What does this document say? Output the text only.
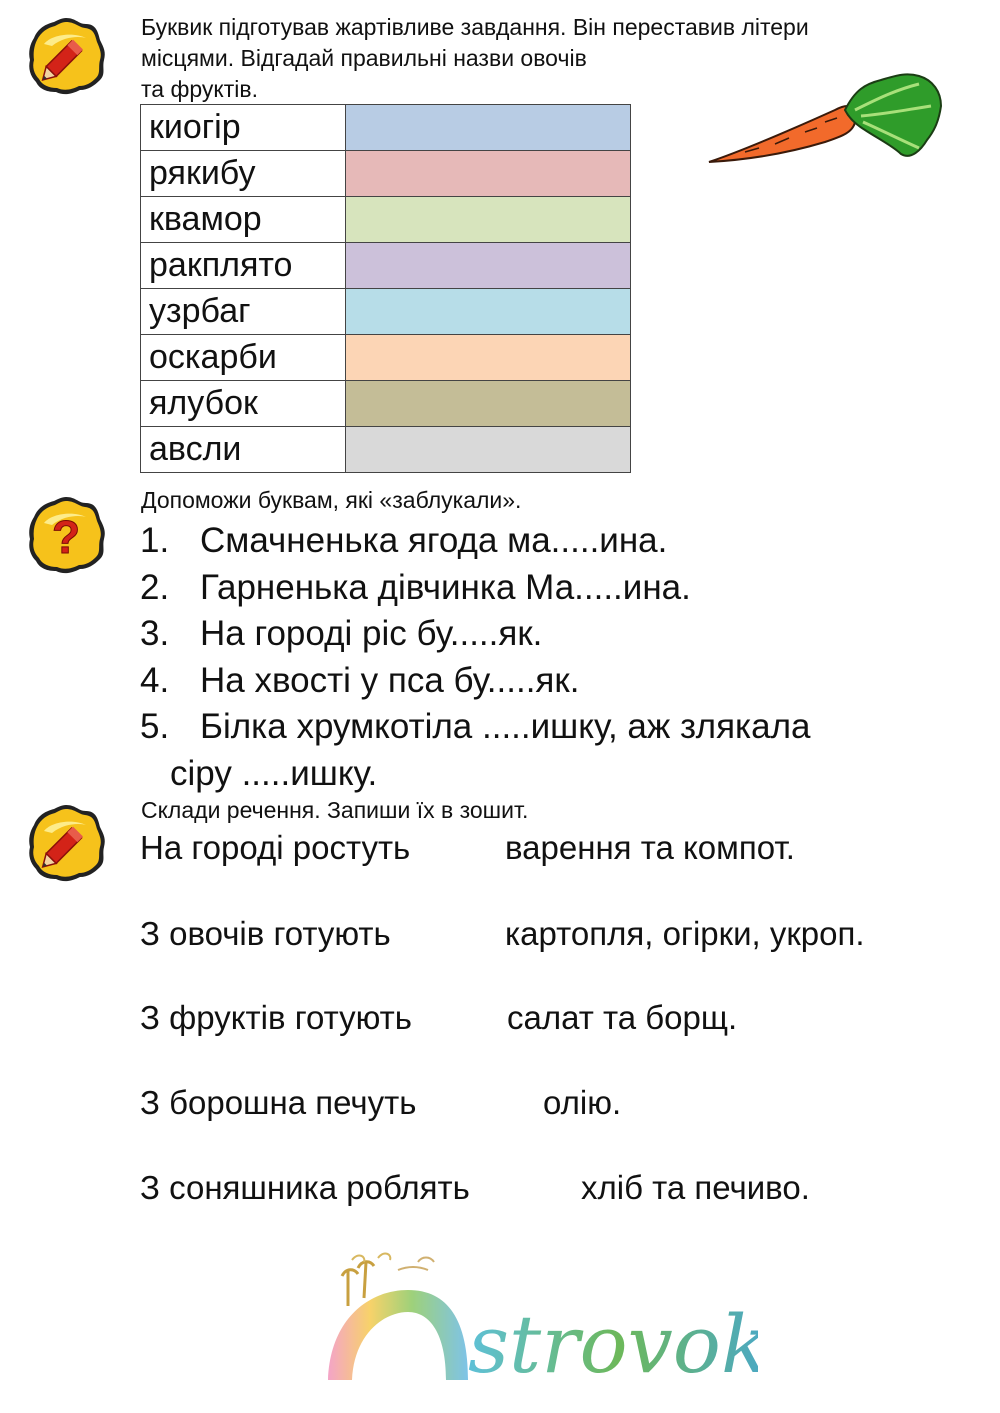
Буквик підготував жартівливе завдання. Він переставив літери
місцями. Відгадай правильні назви овочів
та фруктів.
киогір	
рякибу	
квамор	
ракплято	
узрбаг	
оскарби	
ялубок	
авсли	
?
Допоможи буквам, які «заблукали».
1. Смачненька ягода ма.....ина.
2. Гарненька дівчинка Ма.....ина.
3. На городі ріс бу.....як.
4. На хвості у пса бу.....як.
5. Білка хрумкотіла .....ишку, аж злякала
сіру .....ишку.
Склади речення. Запиши їх в зошит.
На городі ростуть	варення та компот.
З овочів готують	картопля, огірки, укроп.
З фруктів готують	салат та борщ.
З борошна печуть	олію.
З соняшника роблять	хліб та печиво.
strovok
